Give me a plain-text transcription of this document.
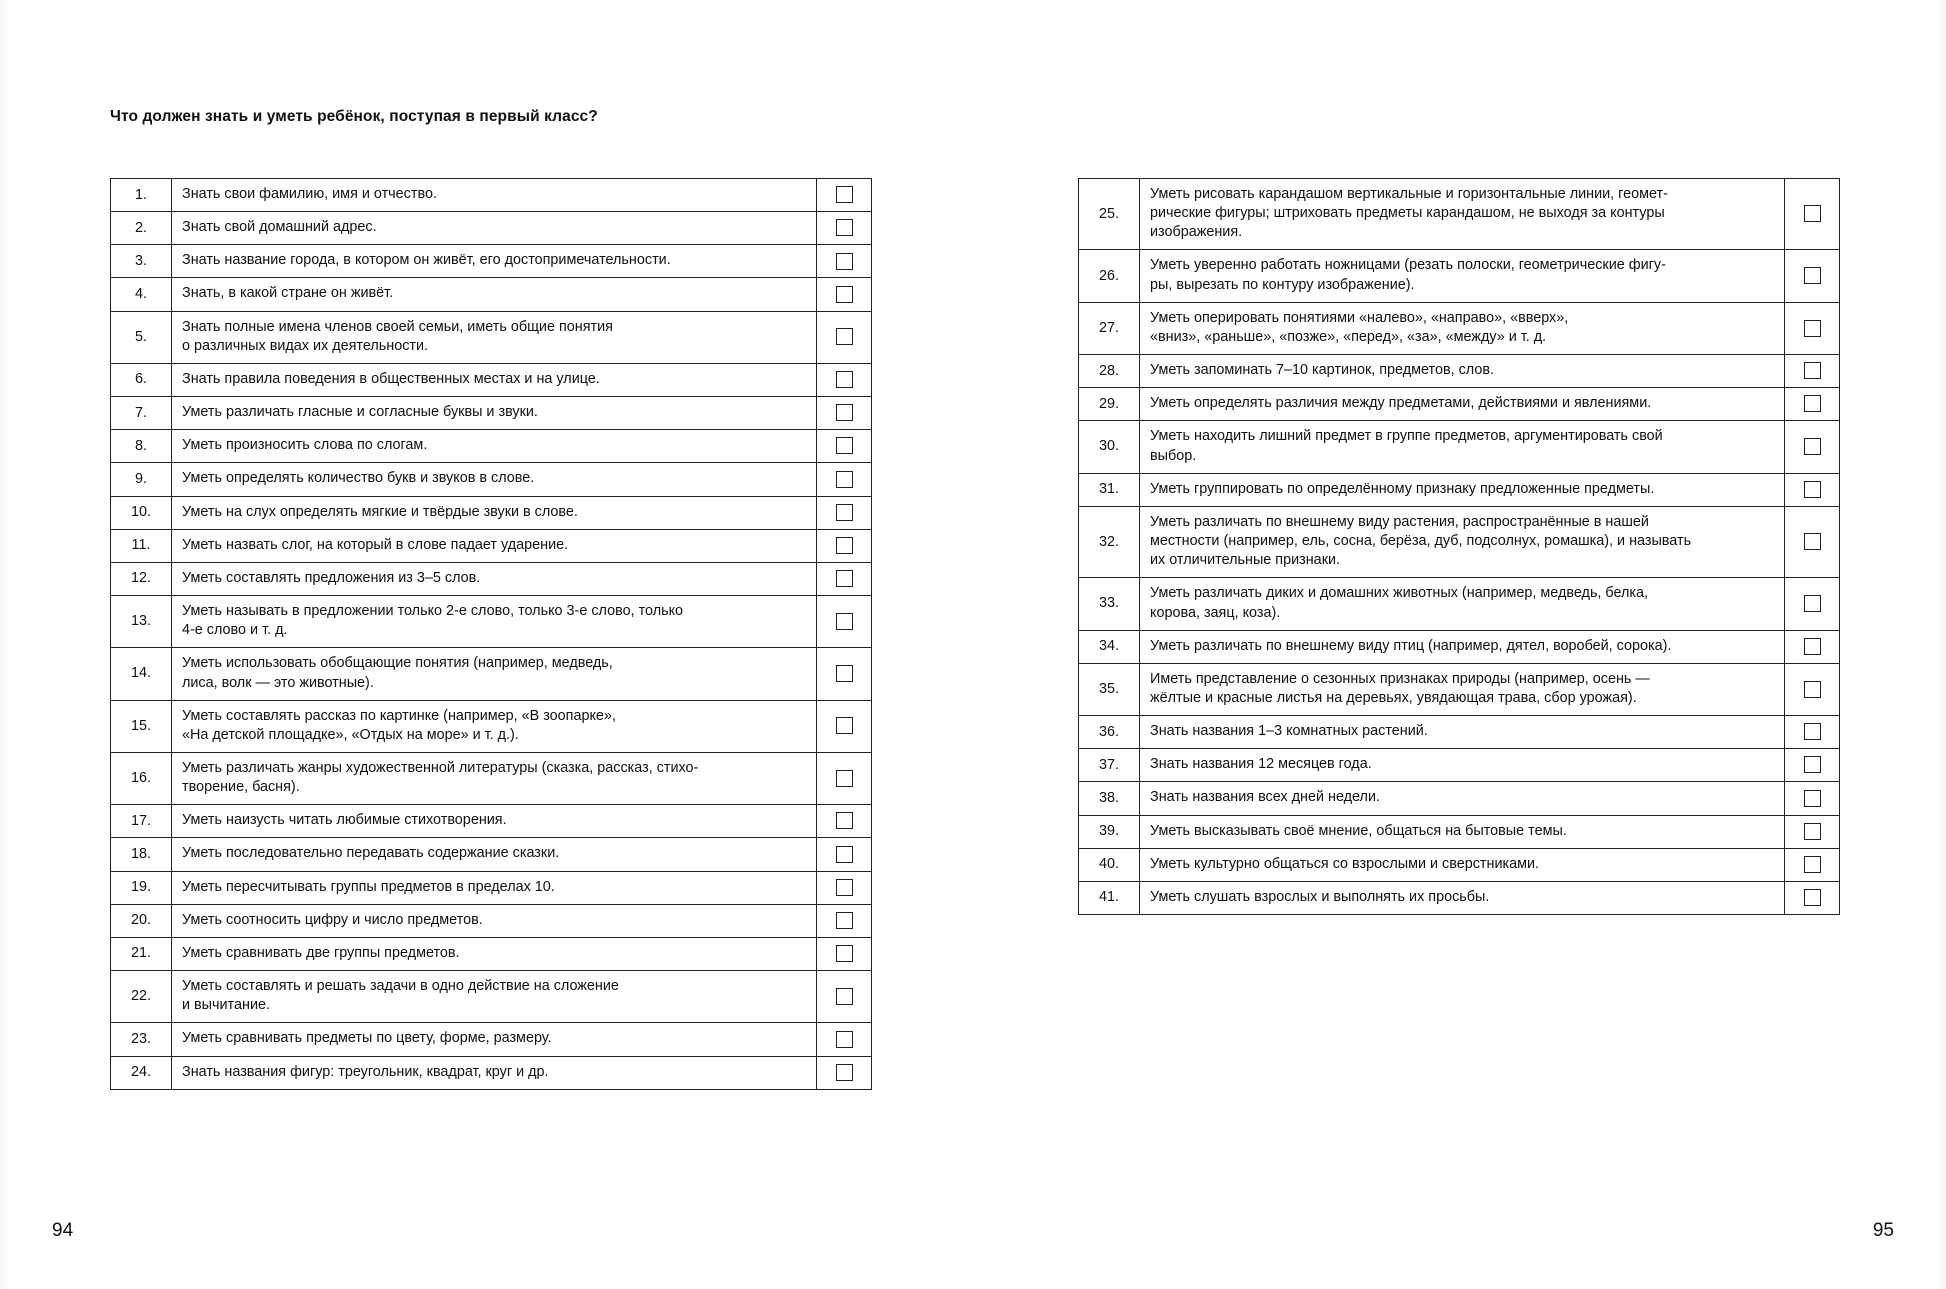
Что должен знать и уметь ребёнок, поступая в первый класс?
1.	Знать свои фамилию, имя и отчество.	

2.	Знать свой домашний адрес.	

3.	Знать название города, в котором он живёт, его достопримечательности.	

4.	Знать, в какой стране он живёт.	

5.	Знать полные имена членов своей семьи, иметь общие понятия
о различных видах их деятельности.	

6.	Знать правила поведения в общественных местах и на улице.	

7.	Уметь различать гласные и согласные буквы и звуки.	

8.	Уметь произносить слова по слогам.	

9.	Уметь определять количество букв и звуков в слове.	

10.	Уметь на слух определять мягкие и твёрдые звуки в слове.	

11.	Уметь назвать слог, на который в слове падает ударение.	

12.	Уметь составлять предложения из 3–5 слов.	

13.	Уметь называть в предложении только 2-е слово, только 3-е слово, только
4-е слово и т. д.	

14.	Уметь использовать обобщающие понятия (например, медведь,
лиса, волк — это животные).	

15.	Уметь составлять рассказ по картинке (например, «В зоопарке»,
«На детской площадке», «Отдых на море» и т. д.).	

16.	Уметь различать жанры художественной литературы (сказка, рассказ, стихо-
творение, басня).	

17.	Уметь наизусть читать любимые стихотворения.	

18.	Уметь последовательно передавать содержание сказки.	

19.	Уметь пересчитывать группы предметов в пределах 10.	

20.	Уметь соотносить цифру и число предметов.	

21.	Уметь сравнивать две группы предметов.	

22.	Уметь составлять и решать задачи в одно действие на сложение
и вычитание.	

23.	Уметь сравнивать предметы по цвету, форме, размеру.	

24.	Знать названия фигур: треугольник, квадрат, круг и др.	

25.	Уметь рисовать карандашом вертикальные и горизонтальные линии, геомет-
рические фигуры; штриховать предметы карандашом, не выходя за контуры
изображения.	

26.	Уметь уверенно работать ножницами (резать полоски, геометрические фигу-
ры, вырезать по контуру изображение).	

27.	Уметь оперировать понятиями «налево», «направо», «вверх»,
«вниз», «раньше», «позже», «перед», «за», «между» и т. д.	

28.	Уметь запоминать 7–10 картинок, предметов, слов.	

29.	Уметь определять различия между предметами, действиями и явлениями.	

30.	Уметь находить лишний предмет в группе предметов, аргументировать свой
выбор.	

31.	Уметь группировать по определённому признаку предложенные предметы.	

32.	Уметь различать по внешнему виду растения, распространённые в нашей
местности (например, ель, сосна, берёза, дуб, подсолнух, ромашка), и называть
их отличительные признаки.	

33.	Уметь различать диких и домашних животных (например, медведь, белка,
корова, заяц, коза).	

34.	Уметь различать по внешнему виду птиц (например, дятел, воробей, сорока).	

35.	Иметь представление о сезонных признаках природы (например, осень —
жёлтые и красные листья на деревьях, увядающая трава, сбор урожая).	

36.	Знать названия 1–3 комнатных растений.	

37.	Знать названия 12 месяцев года.	

38.	Знать названия всех дней недели.	

39.	Уметь высказывать своё мнение, общаться на бытовые темы.	

40.	Уметь культурно общаться со взрослыми и сверстниками.	

41.	Уметь слушать взрослых и выполнять их просьбы.	

94	95
